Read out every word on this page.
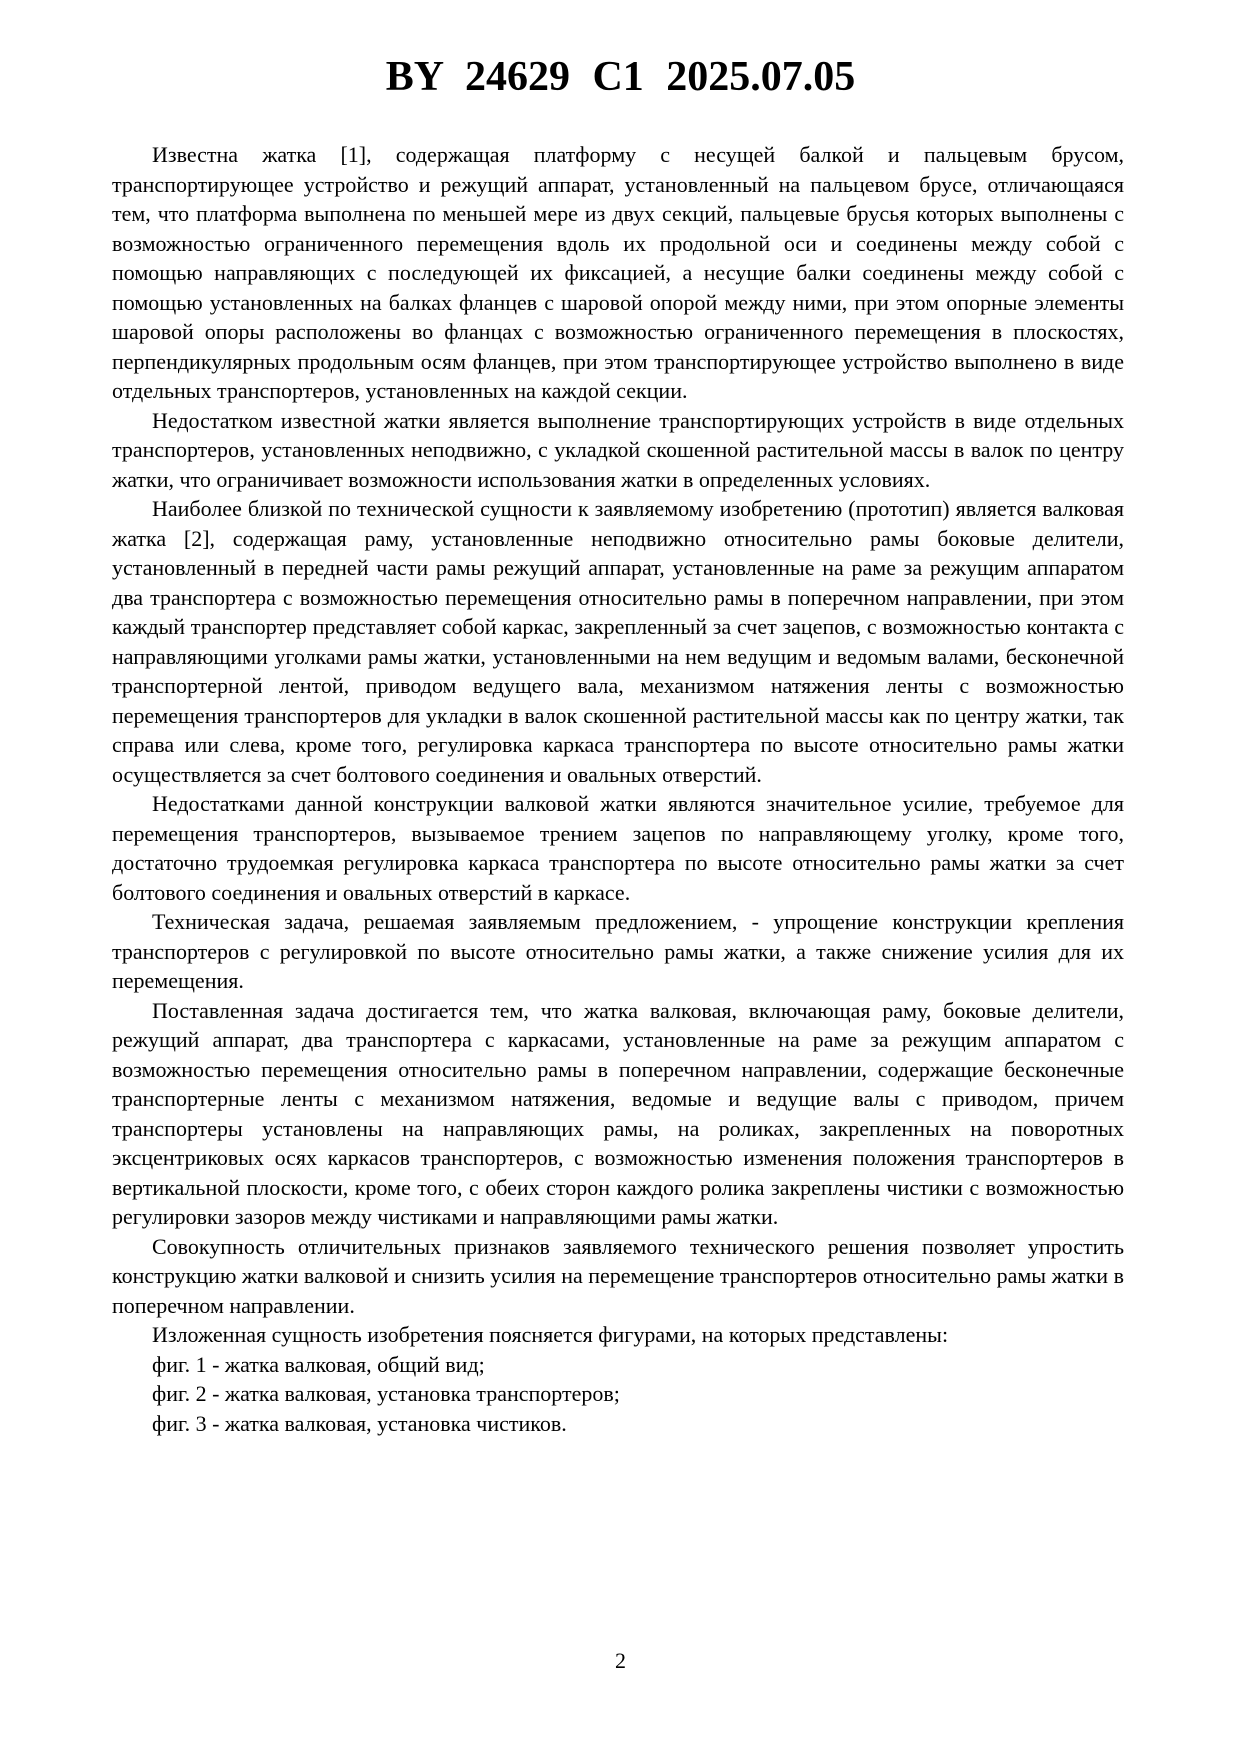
BY 24629 C1 2025.07.05

Известна жатка [1], содержащая платформу с несущей балкой и пальцевым брусом, транспортирующее устройство и режущий аппарат, установленный на пальцевом брусе, отличающаяся тем, что платформа выполнена по меньшей мере из двух секций, пальцевые брусья которых выполнены с возможностью ограниченного перемещения вдоль их продольной оси и соединены между собой с помощью направляющих с последующей их фиксацией, а несущие балки соединены между собой с помощью установленных на балках фланцев с шаровой опорой между ними, при этом опорные элементы шаровой опоры расположены во фланцах с возможностью ограниченного перемещения в плоскостях, перпендикулярных продольным осям фланцев, при этом транспортирующее устройство выполнено в виде отдельных транспортеров, установленных на каждой секции.

Недостатком известной жатки является выполнение транспортирующих устройств в виде отдельных транспортеров, установленных неподвижно, с укладкой скошенной растительной массы в валок по центру жатки, что ограничивает возможности использования жатки в определенных условиях.

Наиболее близкой по технической сущности к заявляемому изобретению (прототип) является валковая жатка [2], содержащая раму, установленные неподвижно относительно рамы боковые делители, установленный в передней части рамы режущий аппарат, установленные на раме за режущим аппаратом два транспортера с возможностью перемещения относительно рамы в поперечном направлении, при этом каждый транспортер представляет собой каркас, закрепленный за счет зацепов, с возможностью контакта с направляющими уголками рамы жатки, установленными на нем ведущим и ведомым валами, бесконечной транспортерной лентой, приводом ведущего вала, механизмом натяжения ленты с возможностью перемещения транспортеров для укладки в валок скошенной растительной массы как по центру жатки, так справа или слева, кроме того, регулировка каркаса транспортера по высоте относительно рамы жатки осуществляется за счет болтового соединения и овальных отверстий.

Недостатками данной конструкции валковой жатки являются значительное усилие, требуемое для перемещения транспортеров, вызываемое трением зацепов по направляющему уголку, кроме того, достаточно трудоемкая регулировка каркаса транспортера по высоте относительно рамы жатки за счет болтового соединения и овальных отверстий в каркасе.

Техническая задача, решаемая заявляемым предложением, - упрощение конструкции крепления транспортеров с регулировкой по высоте относительно рамы жатки, а также снижение усилия для их перемещения.

Поставленная задача достигается тем, что жатка валковая, включающая раму, боковые делители, режущий аппарат, два транспортера с каркасами, установленные на раме за режущим аппаратом с возможностью перемещения относительно рамы в поперечном направлении, содержащие бесконечные транспортерные ленты с механизмом натяжения, ведомые и ведущие валы с приводом, причем транспортеры установлены на направляющих рамы, на роликах, закрепленных на поворотных эксцентриковых осях каркасов транспортеров, с возможностью изменения положения транспортеров в вертикальной плоскости, кроме того, с обеих сторон каждого ролика закреплены чистики с возможностью регулировки зазоров между чистиками и направляющими рамы жатки.

Совокупность отличительных признаков заявляемого технического решения позволяет упростить конструкцию жатки валковой и снизить усилия на перемещение транспортеров относительно рамы жатки в поперечном направлении.

Изложенная сущность изобретения поясняется фигурами, на которых представлены:

фиг. 1 - жатка валковая, общий вид;

фиг. 2 - жатка валковая, установка транспортеров;

фиг. 3 - жатка валковая, установка чистиков.

2
